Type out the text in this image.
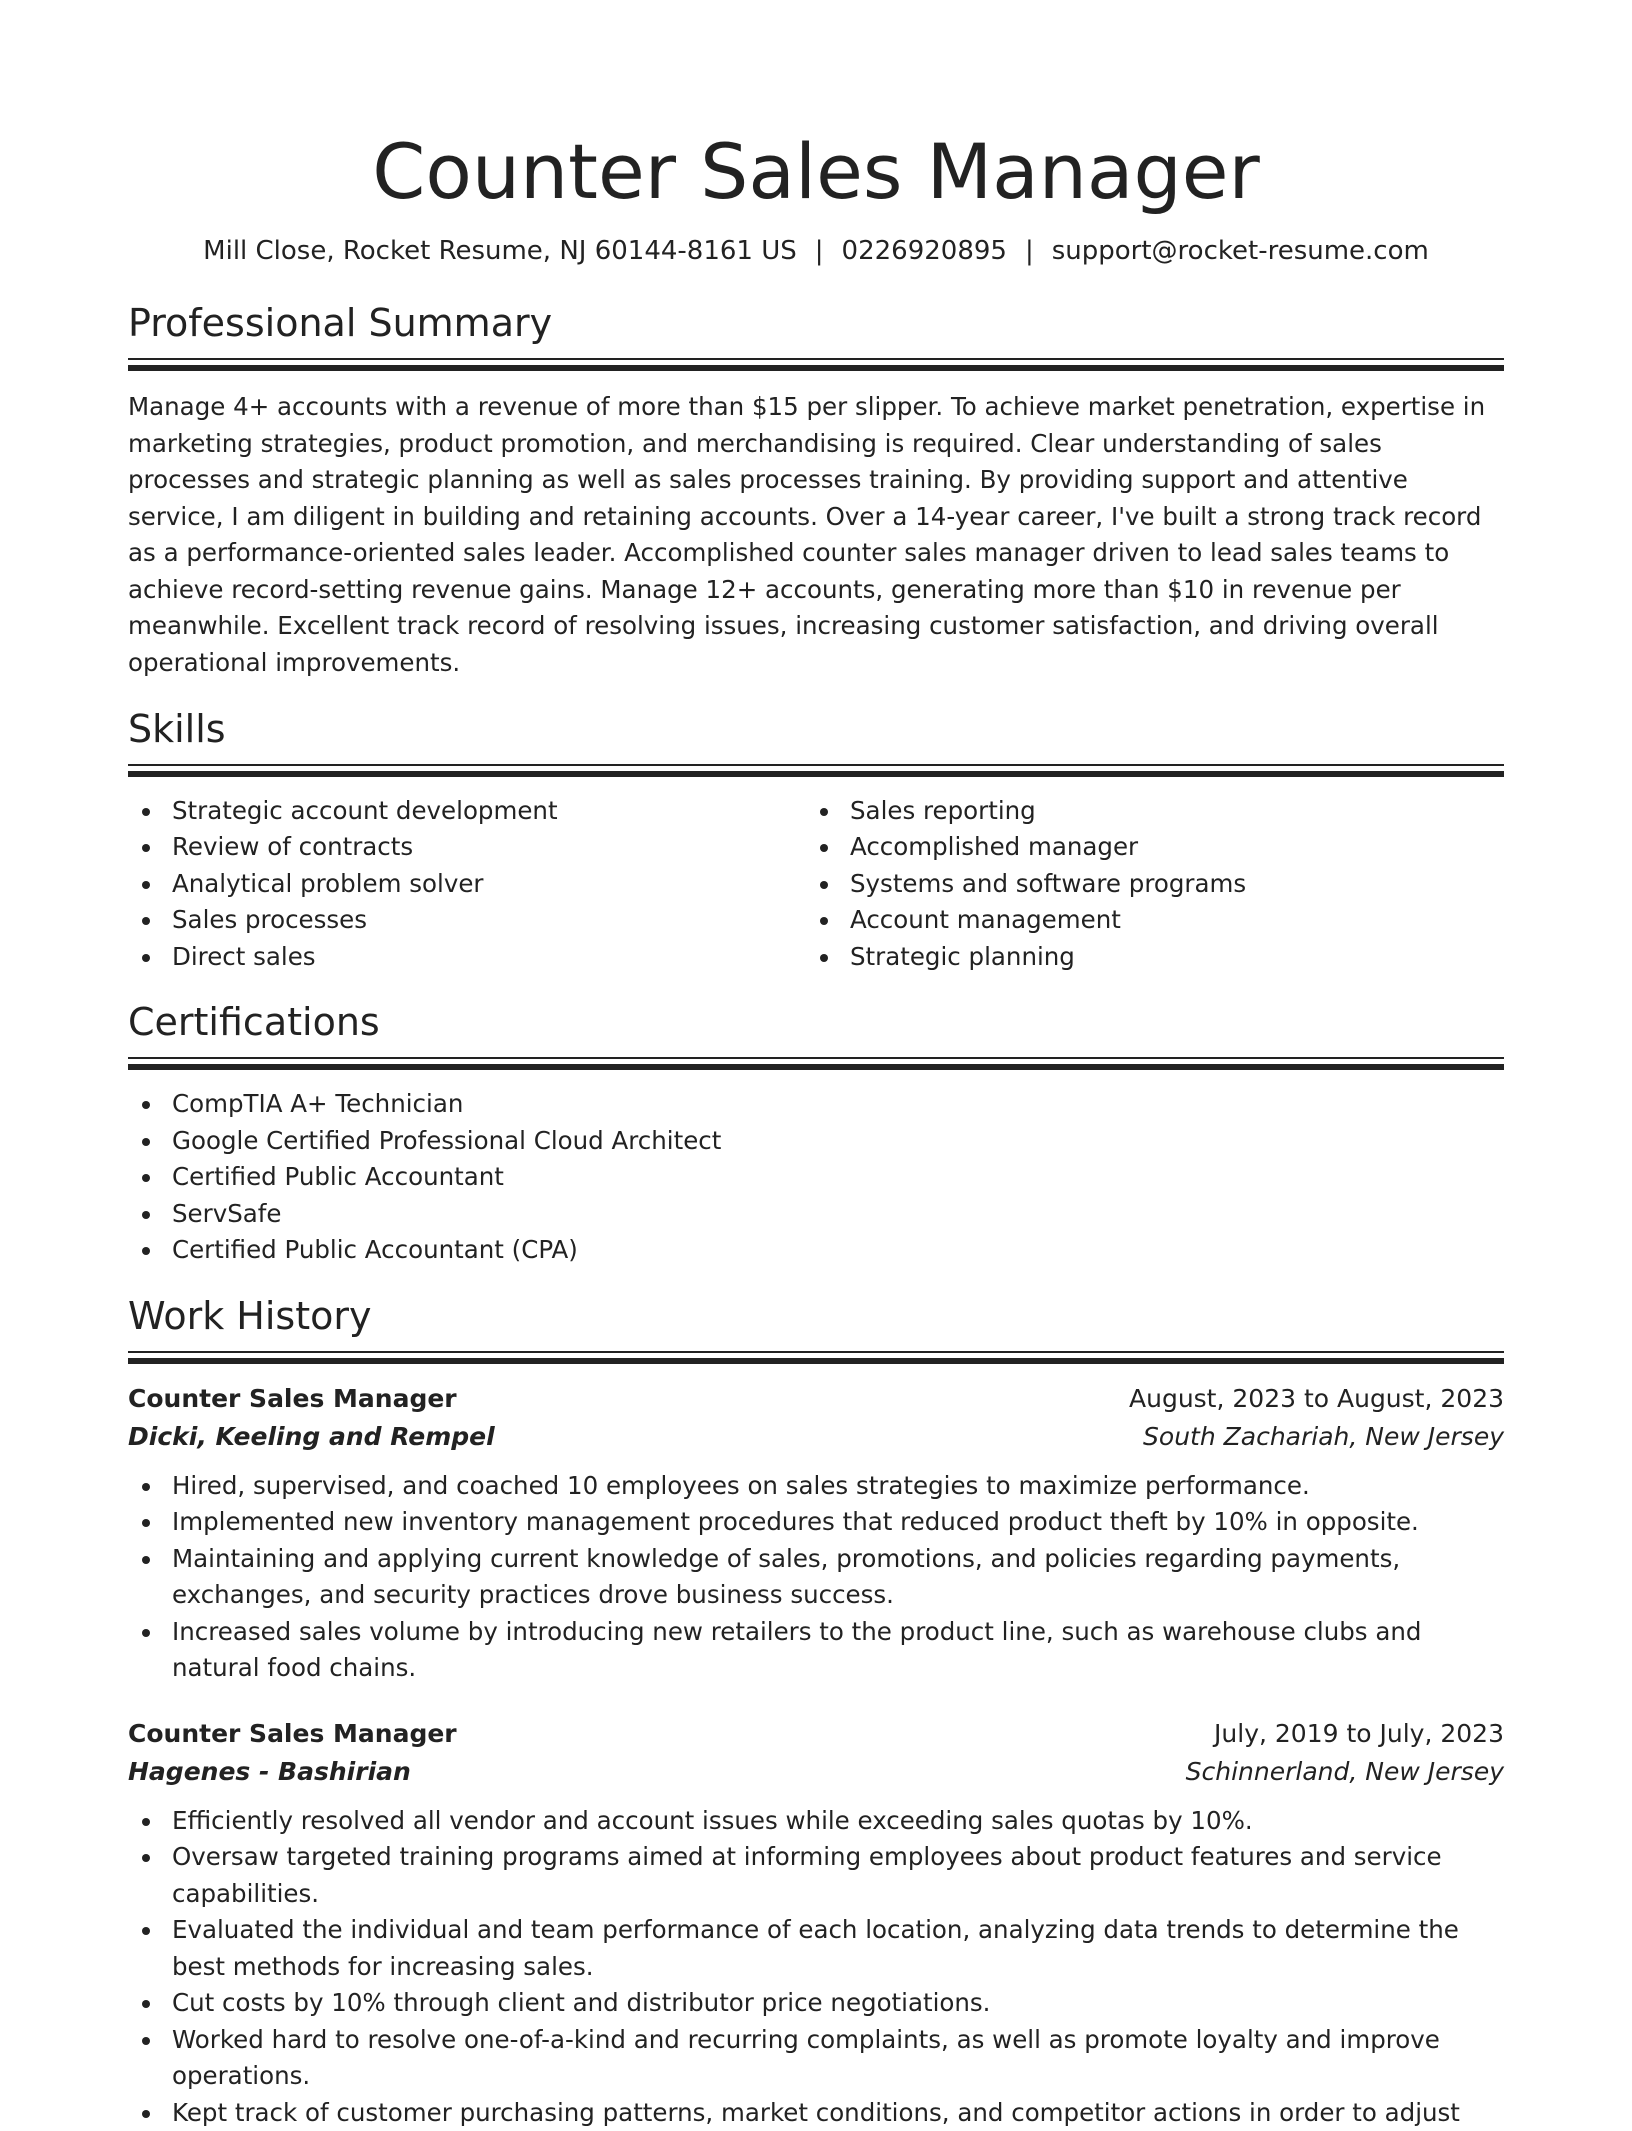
Counter Sales Manager
Mill Close, Rocket Resume, NJ 60144-8161 US | 0226920895 | support@rocket-resume.com
Professional Summary

Manage 4+ accounts with a revenue of more than $15 per slipper. To achieve market penetration, expertise in marketing strategies, product promotion, and merchandising is required. Clear understanding of sales processes and strategic planning as well as sales processes training. By providing support and attentive service, I am diligent in building and retaining accounts. Over a 14-year career, I've built a strong track record as a performance-oriented sales leader. Accomplished counter sales manager driven to lead sales teams to achieve record-setting revenue gains. Manage 12+ accounts, generating more than $10 in revenue per meanwhile. Excellent track record of resolving issues, increasing customer satisfaction, and driving overall operational improvements.

Skills
Strategic account development
Review of contracts
Analytical problem solver
Sales processes
Direct sales
Sales reporting
Accomplished manager
Systems and software programs
Account management
Strategic planning
Certifications
CompTIA A+ Technician
Google Certified Professional Cloud Architect
Certified Public Accountant
ServSafe
Certified Public Accountant (CPA)
Work History
Counter Sales Manager	August, 2023 to August, 2023
Dicki, Keeling and Rempel	South Zachariah, New Jersey
Hired, supervised, and coached 10 employees on sales strategies to maximize performance.
Implemented new inventory management procedures that reduced product theft by 10% in opposite.
Maintaining and applying current knowledge of sales, promotions, and policies regarding payments, exchanges, and security practices drove business success.
Increased sales volume by introducing new retailers to the product line, such as warehouse clubs and natural food chains.
Counter Sales Manager	July, 2019 to July, 2023
Hagenes - Bashirian	Schinnerland, New Jersey
Efficiently resolved all vendor and account issues while exceeding sales quotas by 10%.
Oversaw targeted training programs aimed at informing employees about product features and service capabilities.
Evaluated the individual and team performance of each location, analyzing data trends to determine the best methods for increasing sales.
Cut costs by 10% through client and distributor price negotiations.
Worked hard to resolve one-of-a-kind and recurring complaints, as well as promote loyalty and improve operations.
Kept track of customer purchasing patterns, market conditions, and competitor actions in order to adjust
